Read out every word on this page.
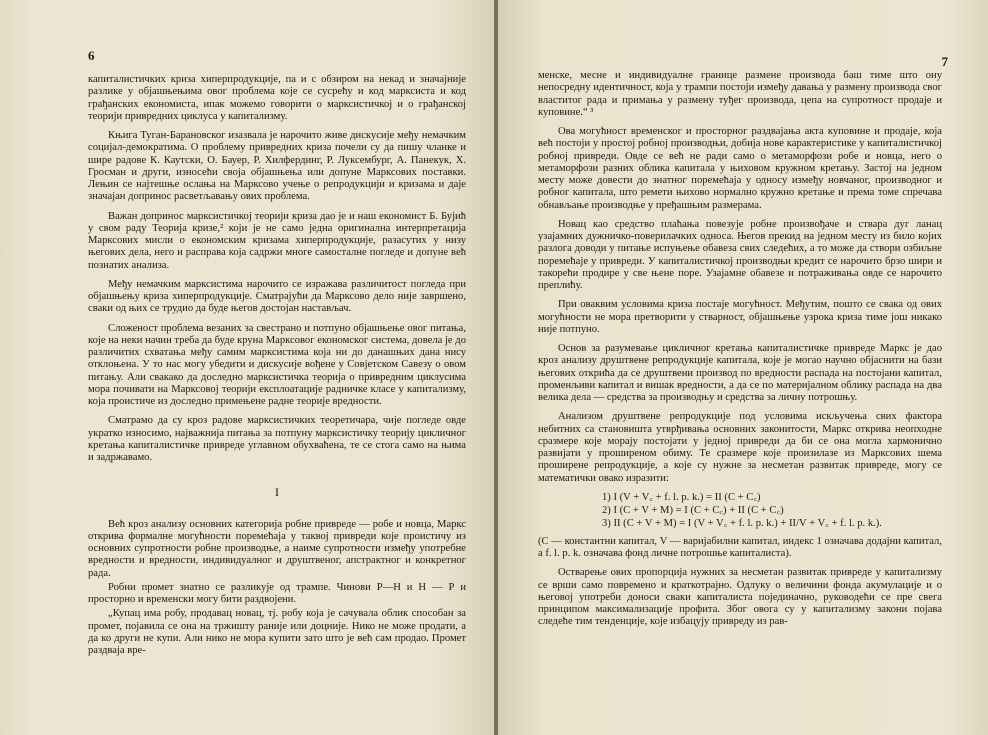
6

капиталистичких криза хиперпродукције, па и с обзиром на некад и значајније разлике у објашњењима овог проблема које се сусрећу и код марксиста и код грађанских економиста, ипак можемо говорити о марксистичкој и о грађанској теорији привредних циклуса у капитализму.

Књига Туган-Барановског изазвала је нарочито живе дискусије међу немачким социјал-демократима. О проблему привредних криза почели су да пишу чланке и шире радове К. Каутски, О. Бауер, Р. Хилфердинг, Р. Луксембург, А. Панекук, Х. Гросман и други, износећи своја објашњења или допуне Марксових поставки. Лењин се најтешње ослања на Марксово учење о репродукцији и кризама и даје значајан допринос расветљавању ових проблема.

Важан допринос марксистичкој теорији криза дао је и наш економист Б. Бујић у свом раду Теорија кризе,² који је не само једна оригинална интерпретација Марксових мисли о економским кризама хиперпродукције, разасутих у низу његових дела, него и расправа која садржи многе самосталне погледе и допуне већ познатих анализа.

Међу немачким марксистима нарочито се изражава различитост погледа при објашњењу криза хиперпродукције. Сматрајући да Марксово дело није завршено, сваки од њих се трудио да буде његов достојан настављач.

Сложеност проблема везаних за свестрано и потпуно објашњење овог питања, које на неки начин треба да буде круна Марксовог економског система, довела је до различитих схватања међу самим марксистима која ни до данашњих дана нису отклоњена. У то нас могу убедити и дискусије вођене у Совјетском Савезу о овом питању. Али свакако да доследно марксистичка теорија о привредним циклусима мора почивати на Марксовој теорији експлоатације радничке класе у капитализму, која проистиче из доследно примењене радне теорије вредности.

Сматрамо да су кроз радове марксистичких теоретичара, чије погледе овде укратко износимо, најважнија питања за потпуну марксистичку теорију цикличног кретања капиталистичке привреде углавном обухваћена, те се стога само на њима и задржавамо.

I

Већ кроз анализу основних категорија робне привреде — робе и новца, Маркс открива формалне могућности поремећаја у таквој привреди које проистичу из основних супротности робне производње, а наиме супротности између употребне вредности и вредности, индивидуалног и друштвеног, апстрактног и конкретног рада.

Робни промет знатно се разликује од трампе. Чинови Р—Н и Н — Р и просторно и временски могу бити раздвојени.

„Купац има робу, продавац новац, тј. робу која је сачувала облик способан за промет, појавила се она на тржишту раније или доцније. Нико не може продати, а да ко други не купи. Али нико не мора купити зато што је већ сам продао. Промет раздваја вре-

7

менске, месне и индивидуалне границе размене производа баш тиме што ону непосредну идентичност, која у трампи постоји између давања у размену производа свог властитог рада и примања у размену туђег производа, цепа на супротност продаје и куповине.“ ³

Ова могућност временског и просторног раздвајања акта куповине и продаје, која већ постоји у простој робној производњи, добија нове карактеристике у капиталистичкој робној привреди. Овде се већ не ради само о метаморфози робе и новца, него о метаморфози разних облика капитала у њиховом кружном кретању. Застој на једном месту може довести до знатног поремећаја у односу између новчаног, производног и робног капитала, што ремети њихово нормално кружно кретање и према томе спречава обнављање производње у пређашњим размерама.

Новац као средство плаћања повезује робне произвођаче и ствара дуг ланац узајамних дужничко-поверилачких односа. Његов прекид на једном месту из било којих разлога доводи у питање испуњење обавеза свих следећих, а то може да створи озбиљне поремећаје у привреди. У капиталистичкој производњи кредит се нарочито брзо шири и такорећи продире у све њене поре. Узајамне обавезе и потраживања овде се нарочито преплићу.

При оваквим условима криза постаје могућност. Међутим, поштo се свака од ових могућности не мора претворити у стварност, објашњење узрока криза тиме још никако није потпуно.

Основ за разумевање цикличног кретања капиталистичке привреде Маркс је дао кроз анализу друштвене репродукције капитала, које је могао научно објаснити на бази његових открића да се друштвени производ по вредности распада на постојани капитал, променљиви капитал и вишак вредности, а да се по материјалном облику распада на два велика дела — средства за производњу и средства за личну потрошњу.

Анализом друштвене репродукције под условима искључења свих фактора небитних са становишта утврђивања основних законитости, Маркс открива неопходне сразмере које морају постојати у једној привреди да би се она могла хармонично развијати у проширеном обиму. Те сразмере које произилазе из Марксових шема проширене репродукције, а које су нужне за несметан развитак привреде, могу се математички овако изразити:

1) I (V + V꜀ + f. l. p. k.) = II (C + C꜀)
2) I (C + V + M) = I (C + C꜀) + II (C + C꜀)
3) II (C + V + M) = I (V + V꜀ + f. l. p. k.) + II/V + V꜀ + f. l. p. k.).

(C — константни капитал, V — варијабилни капитал, индекс 1 означава додајни капитал, а f. l. p. k. означава фонд личне потрошње капиталиста).

Остварење ових пропорција нужних за несметан развитак привреде у капитализму се врши само повремено и краткотрајно. Одлуку о величини фонда акумулације и о његовој употреби доноси сваки капиталиста појединачно, руководећи се пре свега принципом максимализације профита. Због овога су у капитализму закони појава следеће тим тенденције, које избацују привреду из рав-
